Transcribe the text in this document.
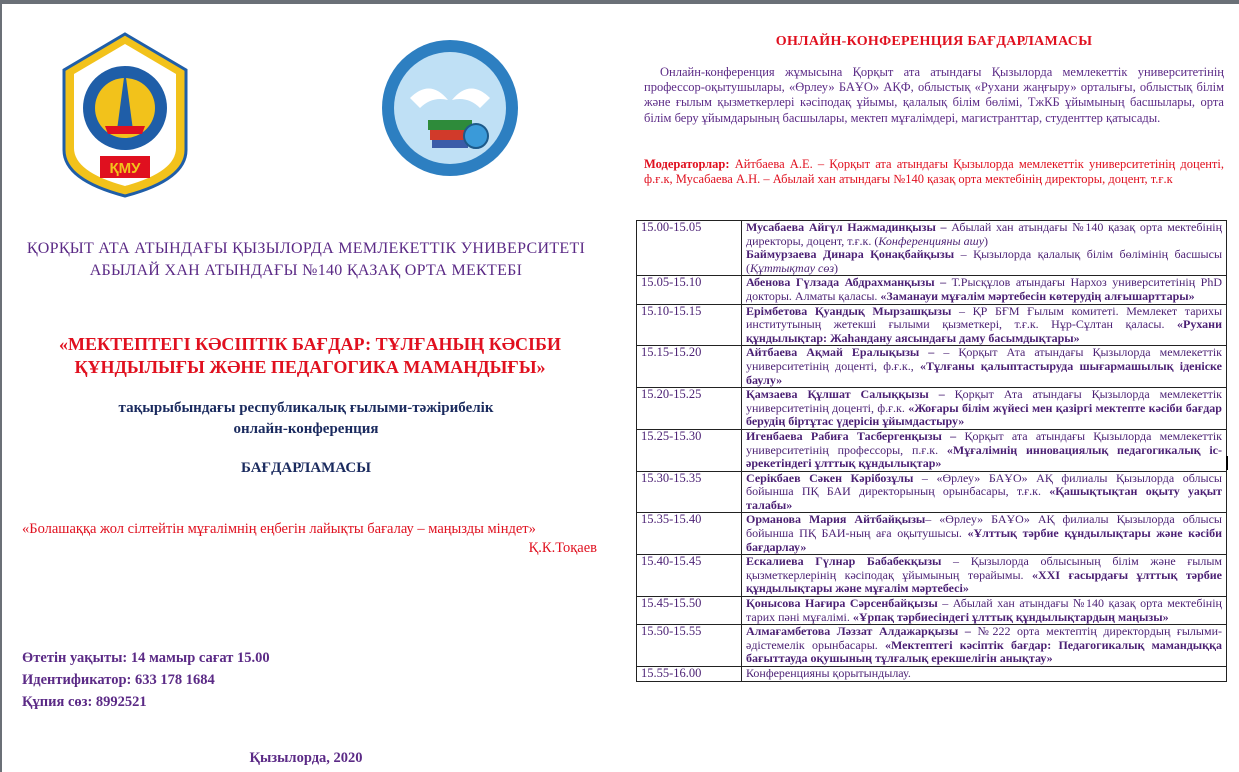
ҚМУ
ҚОРҚЫТ АТА АТЫНДАҒЫ ҚЫЗЫЛОРДА МЕМЛЕКЕТТІК УНИВЕРСИТЕТІ
АБЫЛАЙ ХАН АТЫНДАҒЫ №140 ҚАЗАҚ ОРТА МЕКТЕБІ
«МЕКТЕПТЕГІ КӘСІПТІК БАҒДАР: ТҰЛҒАНЫҢ КӘСІБИ ҚҰНДЫЛЫҒЫ ЖӘНЕ ПЕДАГОГИКА МАМАНДЫҒЫ»
тақырыбындағы республикалық ғылыми-тәжірибелік
онлайн-конференция
БАҒДАРЛАМАСЫ
«Болашаққа жол сілтейтін мұғалімнің еңбегін лайықты бағалау – маңызды міндет»
Қ.К.Тоқаев
Өтетін уақыты: 14 мамыр сағат 15.00
Идентификатор: 633 178 1684
Құпия сөз: 8992521
Қызылорда, 2020
ОНЛАЙН-КОНФЕРЕНЦИЯ БАҒДАРЛАМАСЫ
Онлайн-конференция жұмысына Қорқыт ата атындағы Қызылорда мемлекеттік университетінің профессор-оқытушылары, «Өрлеу» БАҰО» АҚФ, облыстық «Рухани жаңғыру» орталығы, облыстық білім және ғылым қызметкерлері кәсіподақ ұйымы, қалалық білім бөлімі, ТжКБ ұйымының басшылары, орта білім беру ұйымдарының басшылары, мектеп мұғалімдері, магистранттар, студенттер қатысады.
Модераторлар: Айтбаева А.Е. – Қорқыт ата атындағы Қызылорда мемлекеттік университетінің доценті, ф.ғ.к, Мусабаева А.Н. – Абылай хан атындағы №140 қазақ орта мектебінің директоры, доцент, т.ғ.к
15.00-15.05	Мусабаева Айгүл Нажмадинқызы – Абылай хан атындағы №140 қазақ орта мектебінің директоры, доцент, т.ғ.к. (Конференцияны ашу)
Баймурзаева Динара Қонақбайқызы – Қызылорда қалалық білім бөлімінің басшысы (Құттықтау сөз)
15.05-15.10	Абенова Гүлзада Абдрахманқызы – Т.Рысқұлов атындағы Нархоз университетінің PhD докторы. Алматы қаласы. «Заманауи мұғалім мәртебесін көтерудің алғышарттары»
15.10-15.15	Ерімбетова Қуандық Мырзашқызы – ҚР БҒМ Ғылым комитеті. Мемлекет тарихы институтының жетекші ғылыми қызметкері, т.ғ.к. Нұр-Сұлтан қаласы. «Рухани құндылықтар: Жаһандану аясындағы даму басымдықтары»
15.15-15.20	Айтбаева Ақмай Ералықызы – – Қорқыт Ата атындағы Қызылорда мемлекеттік университетінің доценті, ф.ғ.к., «Тұлғаны қалыптастыруда шығармашылық іденіске баулу»
15.20-15.25	Қамзаева Құлшат Салыққызы – Қорқыт Ата атындағы Қызылорда мемлекеттік университетінің доценті, ф.ғ.к. «Жоғары білім жүйесі мен қазіргі мектепте кәсіби бағдар берудің біртұтас үдерісін ұйымдастыру»
15.25-15.30	Игенбаева Рабиға Тасбергенқызы – Қорқыт ата атындағы Қызылорда мемлекеттік университетінің профессоры, п.ғ.к. «Мұғалімнің инновациялық педагогикалық іс-әрекетіндегі ұлттық құндылықтар»
15.30-15.35	Серікбаев Сәкен Кәрібозұлы – «Өрлеу» БАҰО» АҚ филиалы Қызылорда облысы бойынша ПҚ БАИ директорының орынбасары, т.ғ.к. «Қашықтықтан оқыту уақыт талабы»
15.35-15.40	Орманова Мария Айтбайқызы– «Өрлеу» БАҰО» АҚ филиалы Қызылорда облысы бойынша ПҚ БАИ-ның аға оқытушысы. «Ұлттық тәрбие құндылықтары және кәсіби бағдарлау»
15.40-15.45	Ескалиева Гүлнар Бабабекқызы – Қызылорда облысының білім және ғылым қызметкерлерінің кәсіподақ ұйымының төрайымы. «XXI ғасырдағы ұлттық тәрбие құндылықтары және мұғалім мәртебесі»
15.45-15.50	Қонысова Нағира Сәрсенбайқызы – Абылай хан атындағы №140 қазақ орта мектебінің тарих пәні мұғалімі. «Ұрпақ тәрбиесіндегі ұлттық құндылықтардың маңызы»
15.50-15.55	Алмағамбетова Ләззат Алдажарқызы – №222 орта мектептің директордың ғылыми-әдістемелік орынбасары. «Мектептегі кәсіптік бағдар: Педагогикалық мамандыққа бағыттауда оқушының тұлғалық ерекшелігін анықтау»
15.55-16.00	Конференцияны қорытындылау.
